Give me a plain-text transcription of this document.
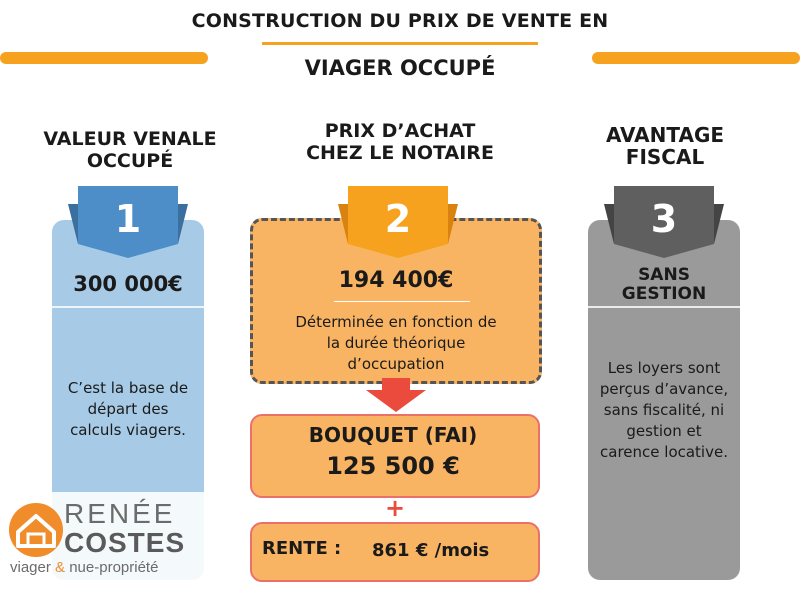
CONSTRUCTION DU PRIX DE VENTE EN
VIAGER OCCUPÉ
VALEUR VENALE
OCCUPÉ
1
300 000€
C’est la base de
départ des
calculs viagers.
RENÉE
COSTES
viager & nue-propriété
PRIX D’ACHAT
CHEZ LE NOTAIRE
2
194 400€
Déterminée en fonction de
la durée théorique
d’occupation
BOUQUET (FAI)
125 500 €
+
RENTE : 861 € /mois
AVANTAGE
FISCAL
3
SANS
GESTION
Les loyers sont
perçus d’avance,
sans fiscalité, ni
gestion et
carence locative.
